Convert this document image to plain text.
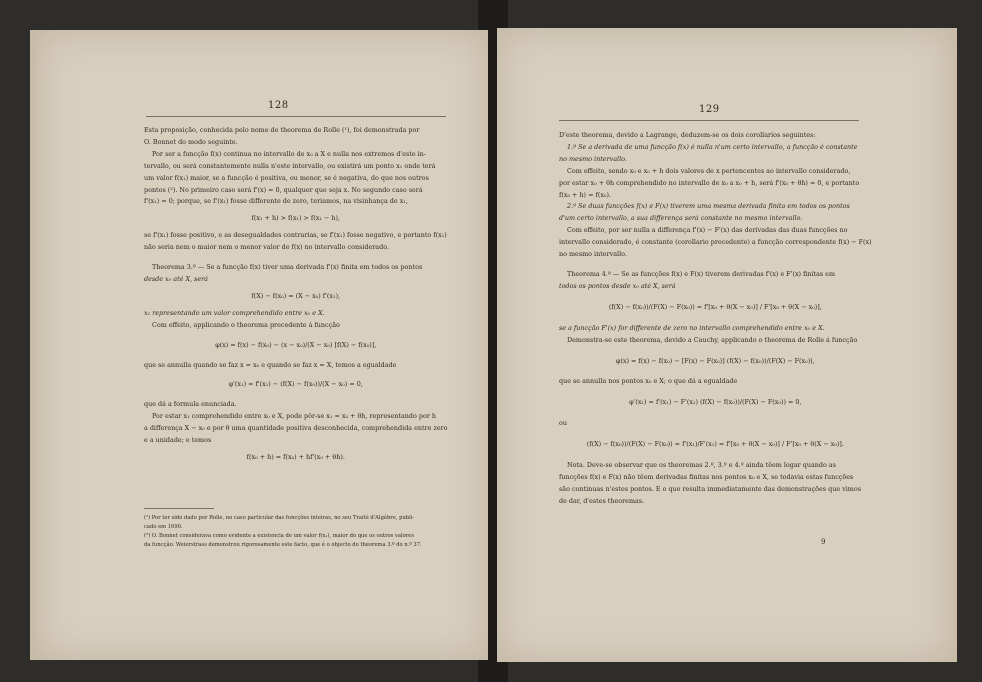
128

Esta proposição, conhecida pelo nome de theorema de Rolle (¹), foi demonstrada por

O. Bonnet do modo seguinte.

Por ser a funcção f(x) continua no intervallo de x₀ a X e nulla nos extremos d'este in-

tervallo, ou será constantemente nulla n'este intervallo, ou existirá um ponto x₁ onde terá

um valor f(x₁) maior, se a funcção é positiva, ou menor, se é negativa, do que nos outros

pontos (²). No primeiro caso será f'(x) = 0, qualquer que seja x. No segundo caso será

f'(x₁) = 0; porque, se f'(x₁) fosse differente de zero, teriamos, na visinhança de x₁,

f(x₁ + h) > f(x₁) > f(x₁ − h),

se f'(x₁) fosse positivo, e as desegualdades contrarias, se f'(x₁) fosse negativo, e portanto f(x₁)

não seria nem o maior nem o menor valor de f(x) no intervallo considerado.

Theorema 3.º — Se a funcção f(x) tiver uma derivada f'(x) finita em todos os pontos

desde x₀ até X, será

f(X) − f(x₀) = (X − x₀) f'(x₁),

x₁ representando um valor comprehendido entre x₀ e X.

Com effeito, applicando o theorema precedente á funcção

φ(x) = f(x) − f(x₀) − (x − x₀)/(X − x₀) [f(X) − f(x₀)],

que se annulla quando se faz x = x₀ e quando se faz x = X, temos a egualdade

φ'(x₁) = f'(x₁) − (f(X) − f(x₀))/(X − x₀) = 0,

que dá a formula enunciada.

Por estar x₁ comprehendido entre x₀ e X, pode pôr-se x₁ = x₀ + θh, representando por h

a differença X − x₀ e por θ uma quantidade positiva desconhecida, comprehendida entre zero

e a unidade; e temos

f(x₀ + h) = f(x₀) + hf'(x₀ + θh).

(¹) Por ter sido dado por Rolle, no caso particular das funcções inteiras, no seu Traité d'Algèbre, publi-

cado em 1690.

(²) O. Bonnet considerava como evidente a existencia de um valor f(x₁), maior do que os outros valores

da funcção. Weierstrass demonstrou rigorosamente este facto, que é o objecto do theorema 3.º do n.º 37.

129

D'este theorema, devido a Lagrange, deduzem-se os dois corollarios seguintes:

1.º Se a derivada de uma funcção f(x) é nulla n'um certo intervallo, a funcção é constante

no mesmo intervallo.

Com effeito, sendo x₀ e x₀ + h dois valores de x pertencentes ao intervallo considerado,

por estar x₀ + θh comprehendido no intervallo de x₀ a x₀ + h, será f'(x₀ + θh) = 0, e portanto

f(x₀ + h) = f(x₀).

2.º Se duas funcções f(x) e F(x) tiverem uma mesma derivada finita em todos os pontos

d'um certo intervallo, a sua differença será constante no mesmo intervallo.

Com effeito, por ser nulla a differença f'(x) − F'(x) das derivadas das duas funcções no

intervallo considerado, é constante (corollario precedente) a funcção correspondente f(x) − F(x)

no mesmo intervallo.

Theorema 4.º — Se as funcções f(x) e F(x) tiverem derivadas f'(x) e F'(x) finitas em

todos os pontos desde x₀ até X, será

(f(X) − f(x₀))/(F(X) − F(x₀)) = f'[x₀ + θ(X − x₀)] / F'[x₀ + θ(X − x₀)],

se a funcção F'(x) for differente de zero no intervallo comprehendido entre x₀ e X.

Demonstra-se este theorema, devido a Cauchy, applicando o theorema de Rolle á funcção

φ(x) = f(x) − f(x₀) − [F(x) − F(x₀)] (f(X) − f(x₀))/(F(X) − F(x₀)),

que se annulla nos pontos x₀ e X; o que dá a egualdade

φ'(x₁) = f'(x₁) − F'(x₁) (f(X) − f(x₀))/(F(X) − F(x₀)) = 0,

ou

(f(X) − f(x₀))/(F(X) − F(x₀)) = f'(x₁)/F'(x₁) = f'[x₀ + θ(X − x₀)] / F'[x₀ + θ(X − x₀)].

Nota. Deve-se observar que os theoremas 2.º, 3.º e 4.º ainda têem logar quando as

funcções f(x) e F(x) não têem derivadas finitas nos pontos x₀ e X, se todavia estas funcções

são continuas n'estes pontos. E o que resulta immediatamente das demonstrações que vimos

de dar, d'estes theoremas.

9
